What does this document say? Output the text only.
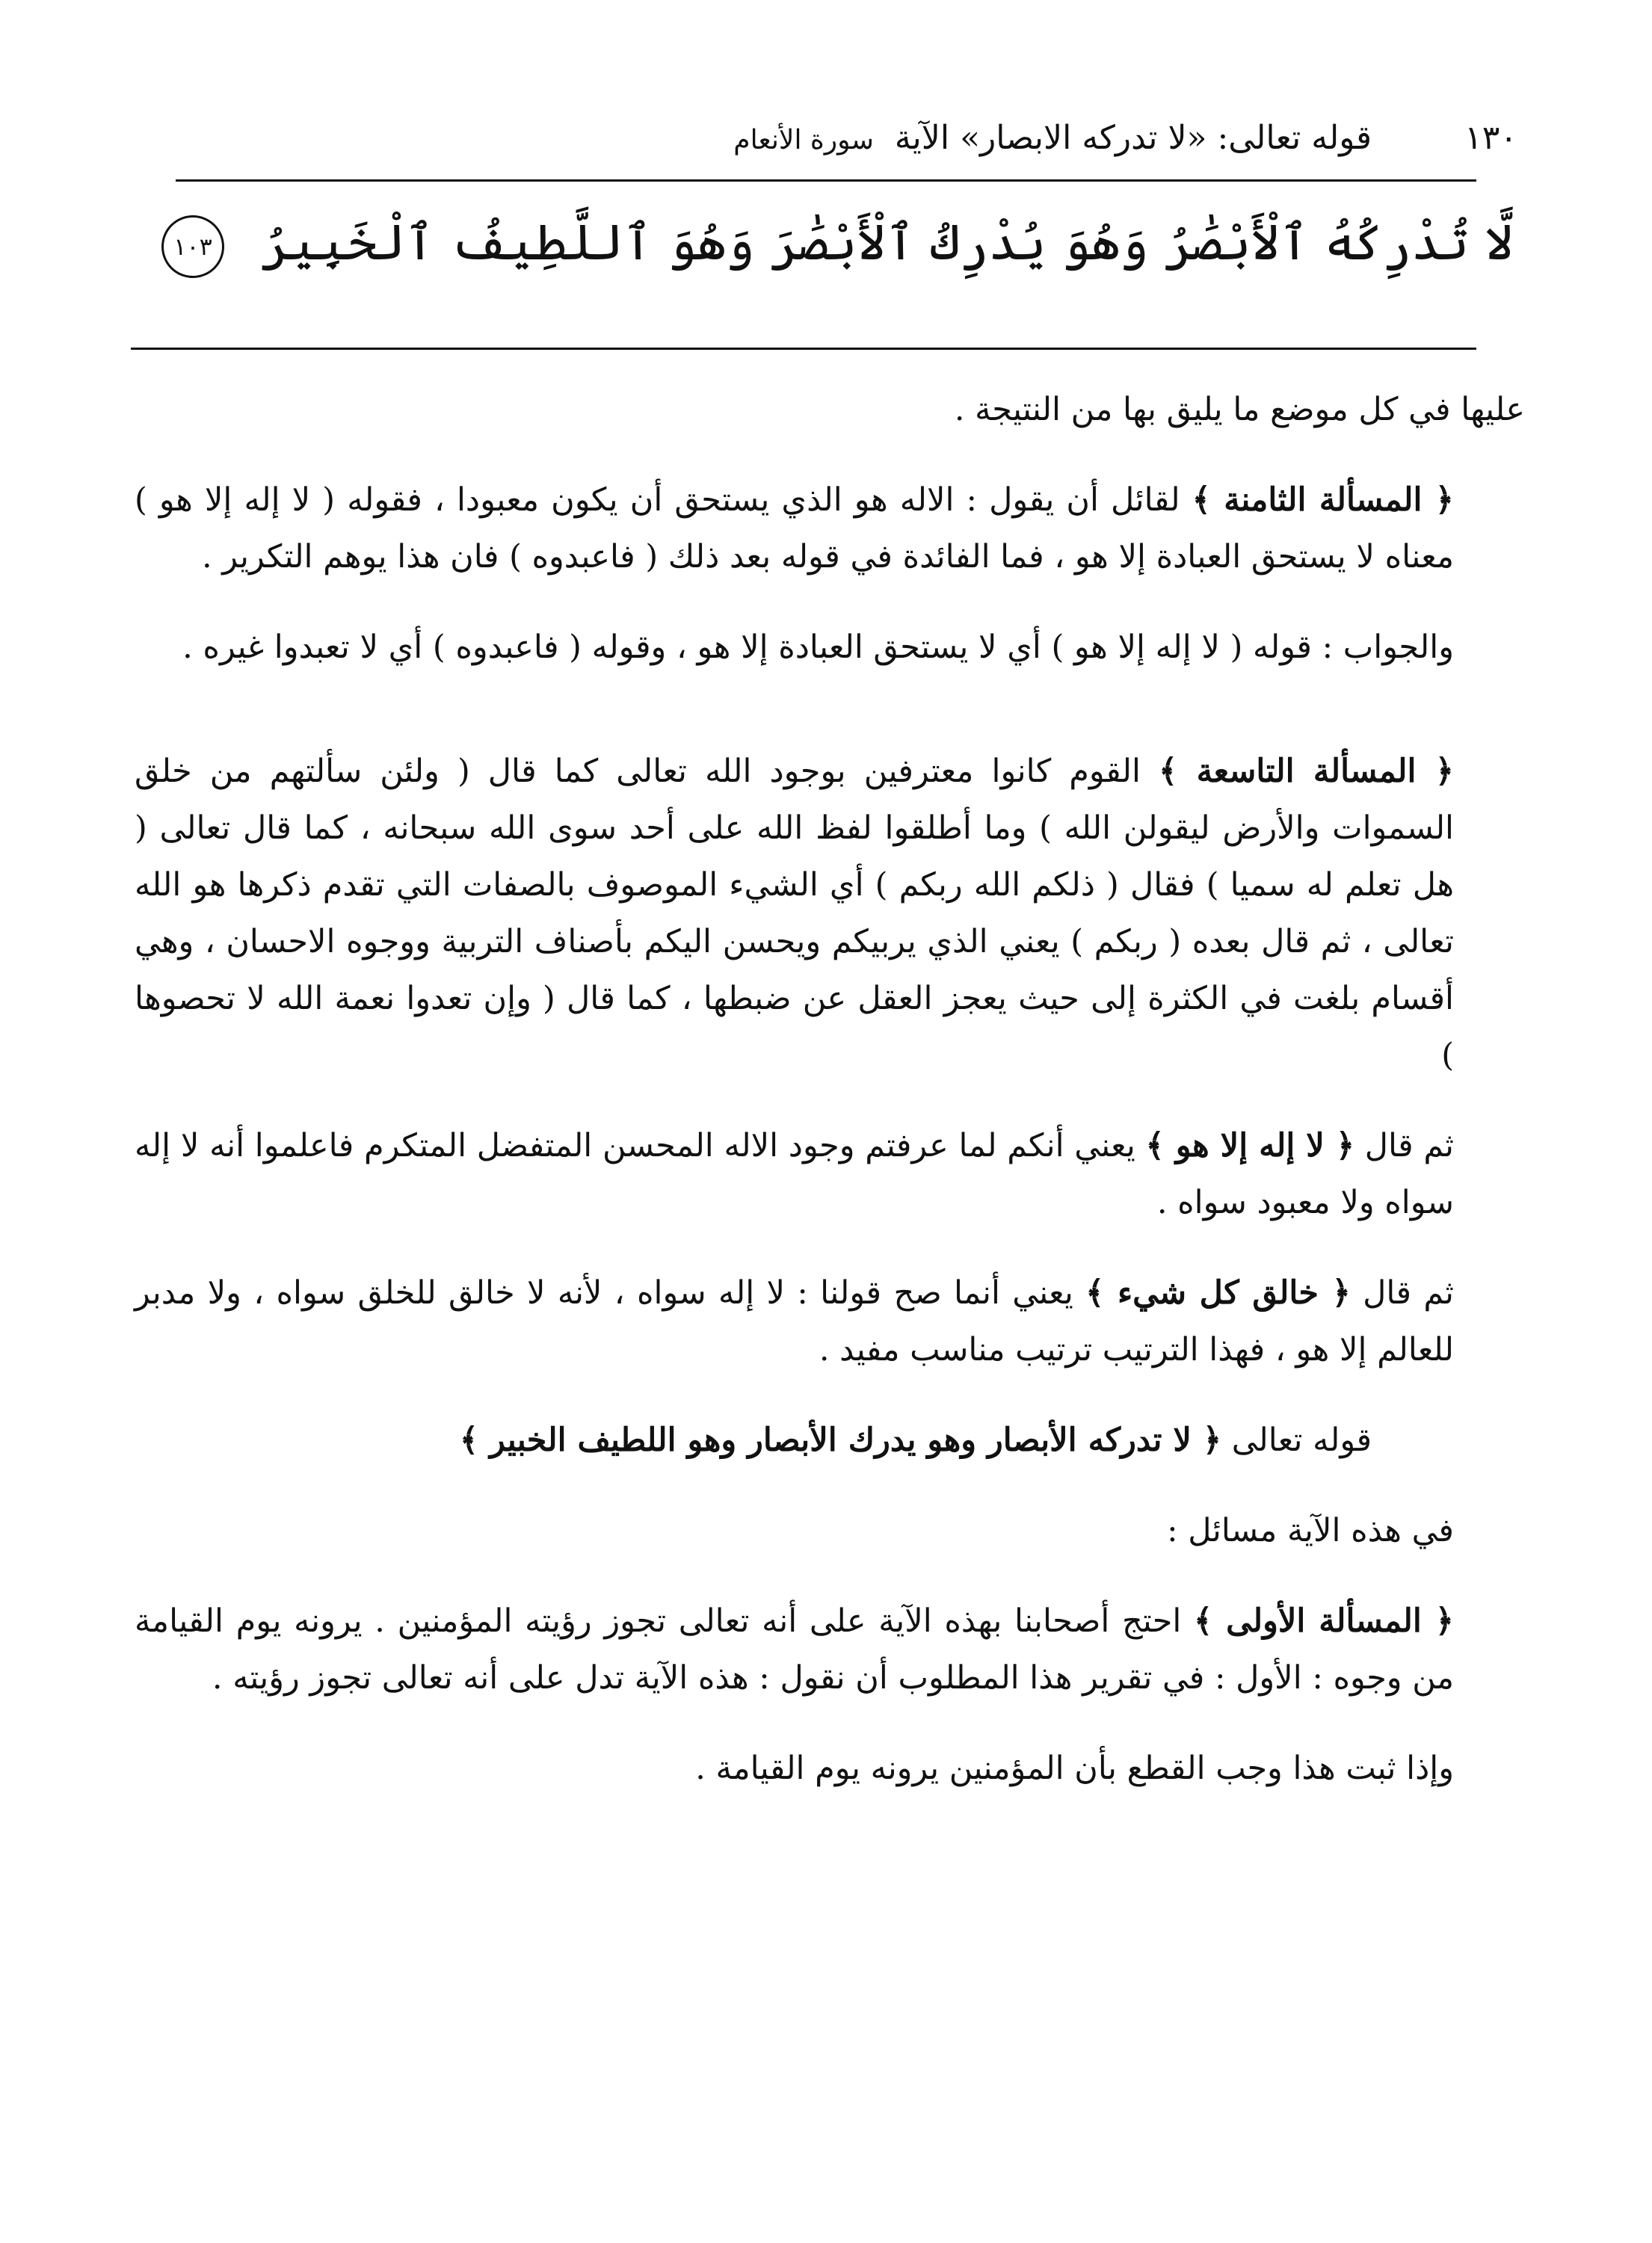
١٣٠
قوله تعالى: «لا تدركه الابصار» الآية سورة الأنعام
لَّا تُدْرِكُهُ ٱلْأَبْصَٰرُ وَهُوَ يُدْرِكُ ٱلْأَبْصَٰرَ وَهُوَ ٱللَّطِيفُ ٱلْخَبِيرُ ١٠٣

عليها في كل موضع ما يليق بها من النتيجة .

﴿ المسألة الثامنة ﴾ لقائل أن يقول : الاله هو الذي يستحق أن يكون معبودا ، فقوله ( لا إله إلا هو ) معناه لا يستحق العبادة إلا هو ، فما الفائدة في قوله بعد ذلك ( فاعبدوه ) فان هذا يوهم التكرير .

والجواب : قوله ( لا إله إلا هو ) أي لا يستحق العبادة إلا هو ، وقوله ( فاعبدوه ) أي لا تعبدوا غيره .

﴿ المسألة التاسعة ﴾ القوم كانوا معترفين بوجود الله تعالى كما قال ( ولئن سألتهم من خلق السموات والأرض ليقولن الله ) وما أطلقوا لفظ الله على أحد سوى الله سبحانه ، كما قال تعالى ( هل تعلم له سميا ) فقال ( ذلكم الله ربكم ) أي الشيء الموصوف بالصفات التي تقدم ذكرها هو الله تعالى ، ثم قال بعده ( ربكم ) يعني الذي يربيكم ويحسن اليكم بأصناف التربية ووجوه الاحسان ، وهي أقسام بلغت في الكثرة إلى حيث يعجز العقل عن ضبطها ، كما قال ( وإن تعدوا نعمة الله لا تحصوها )

ثم قال ﴿ لا إله إلا هو ﴾ يعني أنكم لما عرفتم وجود الاله المحسن المتفضل المتكرم فاعلموا أنه لا إله سواه ولا معبود سواه .

ثم قال ﴿ خالق كل شيء ﴾ يعني أنما صح قولنا : لا إله سواه ، لأنه لا خالق للخلق سواه ، ولا مدبر للعالم إلا هو ، فهذا الترتيب ترتيب مناسب مفيد .

قوله تعالى ﴿ لا تدركه الأبصار وهو يدرك الأبصار وهو اللطيف الخبير ﴾

في هذه الآية مسائل :

﴿ المسألة الأولى ﴾ احتج أصحابنا بهذه الآية على أنه تعالى تجوز رؤيته المؤمنين . يرونه يوم القيامة من وجوه : الأول : في تقرير هذا المطلوب أن نقول : هذه الآية تدل على أنه تعالى تجوز رؤيته .

وإذا ثبت هذا وجب القطع بأن المؤمنين يرونه يوم القيامة .
